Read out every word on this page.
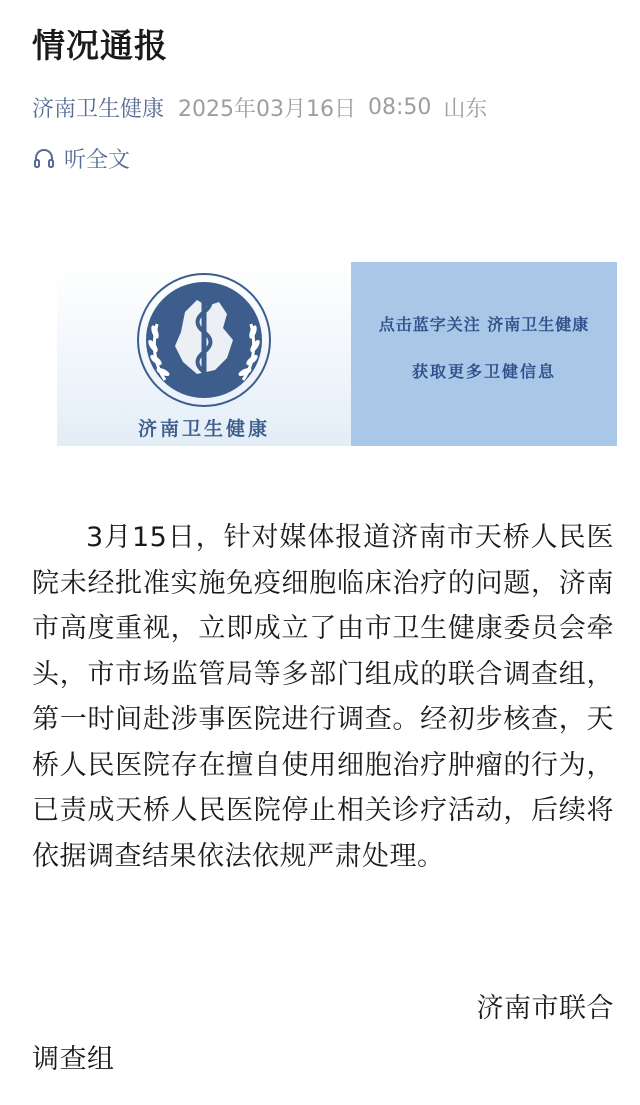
情况通报
济南卫生健康 2025年03月16日 08:50 山东
听全文
济南卫生健康
点击蓝字关注 济南卫生健康
获取更多卫健信息
3月15日，针对媒体报道济南市天桥人民医院未经批准实施免疫细胞临床治疗的问题，济南市高度重视，立即成立了由市卫生健康委员会牵头，市市场监管局等多部门组成的联合调查组，第一时间赴涉事医院进行调查。经初步核查，天桥人民医院存在擅自使用细胞治疗肿瘤的行为，已责成天桥人民医院停止相关诊疗活动，后续将依据调查结果依法依规严肃处理。
济南市联合
调查组
